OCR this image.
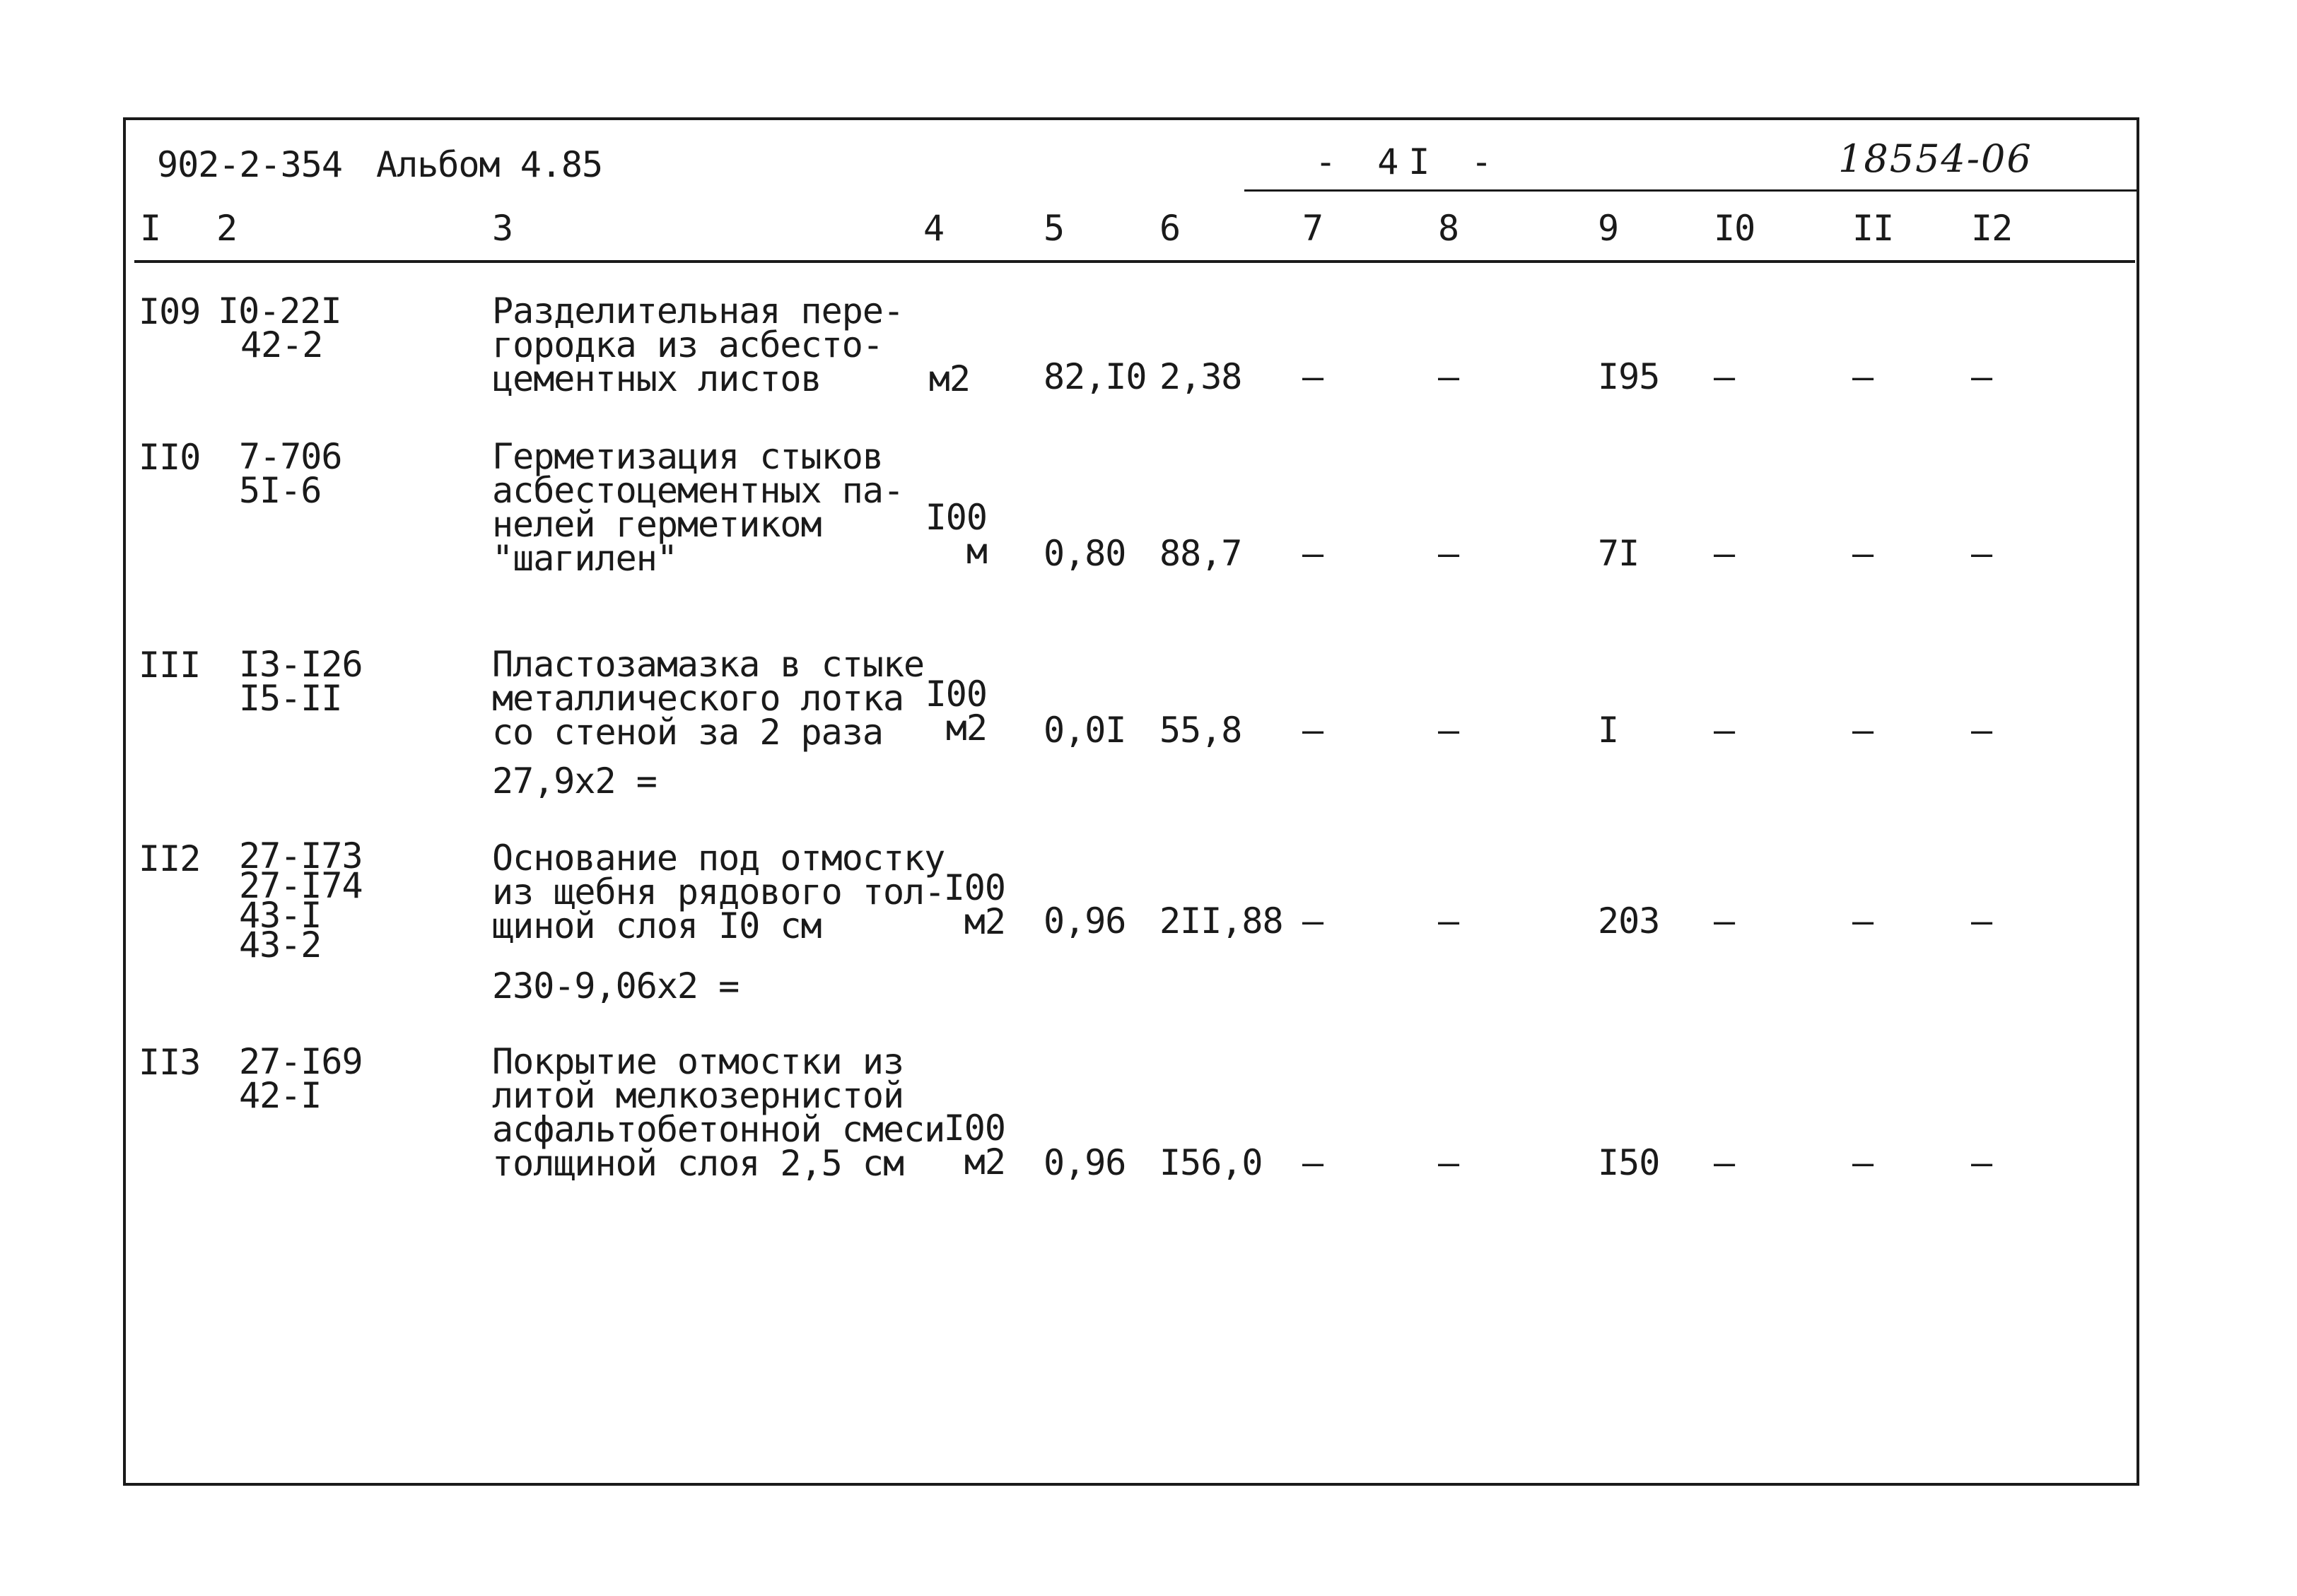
902-2-354 Альбом 4.85	- 4I -	18554-06
I 2	3	4	5	6	7	8	9	I0	II I2
I09 I0-22I
42-2
Разделительная пере-
городка из асбесто-
цементных листов	м2 82,I0 2,38 –	–	I95 –	–	–
II0 7-706
5I-6
Герметизация стыков
асбестоцементных па-
нелей герметиком
"шагилен"
I00
м 0,80 88,7 –	–	7I –	–	–
III I3-I26
I5-II
Пластозамазка в стыке
металлического лотка
со стеной за 2 раза
27,9х2 =
I00
м2 0,0I 55,8 –	–	I	–	–	–
II2 27-I73
27-I74
43-I
43-2
Основание под отмостку
из щебня рядового тол-
щиной слоя I0 см
230-9,06х2 =
I00
м2 0,96 2II,88 –	–	203 –	–	–
II3 27-I69
42-I
Покрытие отмостки из
литой мелкозернистой
асфальтобетонной смеси
толщиной слоя 2,5 см
I00
м2 0,96 I56,0 –	–	I50 –	–	–
